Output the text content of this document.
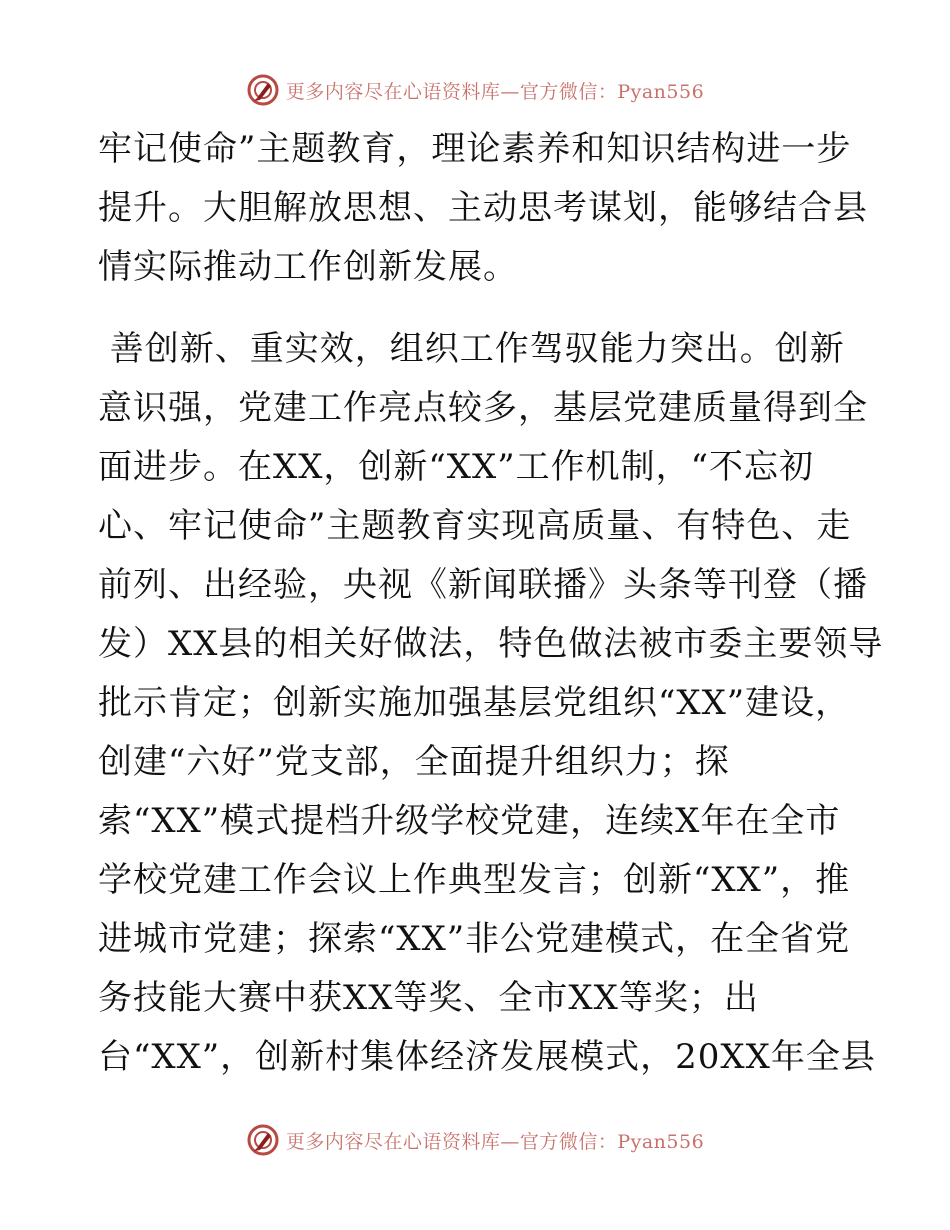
更多内容尽在心语资料库—官方微信：Pyan556

牢记使命”主题教育，理论素养和知识结构进一步
提升。大胆解放思想、主动思考谋划，能够结合县
情实际推动工作创新发展。

善创新、重实效，组织工作驾驭能力突出。创新
意识强，党建工作亮点较多，基层党建质量得到全
面进步。在XX，创新“XX”工作机制，“不忘初
心、牢记使命”主题教育实现高质量、有特色、走
前列、出经验，央视《新闻联播》头条等刊登（播
发）XX县的相关好做法，特色做法被市委主要领导
批示肯定；创新实施加强基层党组织“XX”建设，
创建“六好”党支部，全面提升组织力；探
索“XX”模式提档升级学校党建，连续X年在全市
学校党建工作会议上作典型发言；创新“XX”，推
进城市党建；探索“XX”非公党建模式，在全省党
务技能大赛中获XX等奖、全市XX等奖；出
台“XX”，创新村集体经济发展模式，20XX年全县

更多内容尽在心语资料库—官方微信：Pyan556
